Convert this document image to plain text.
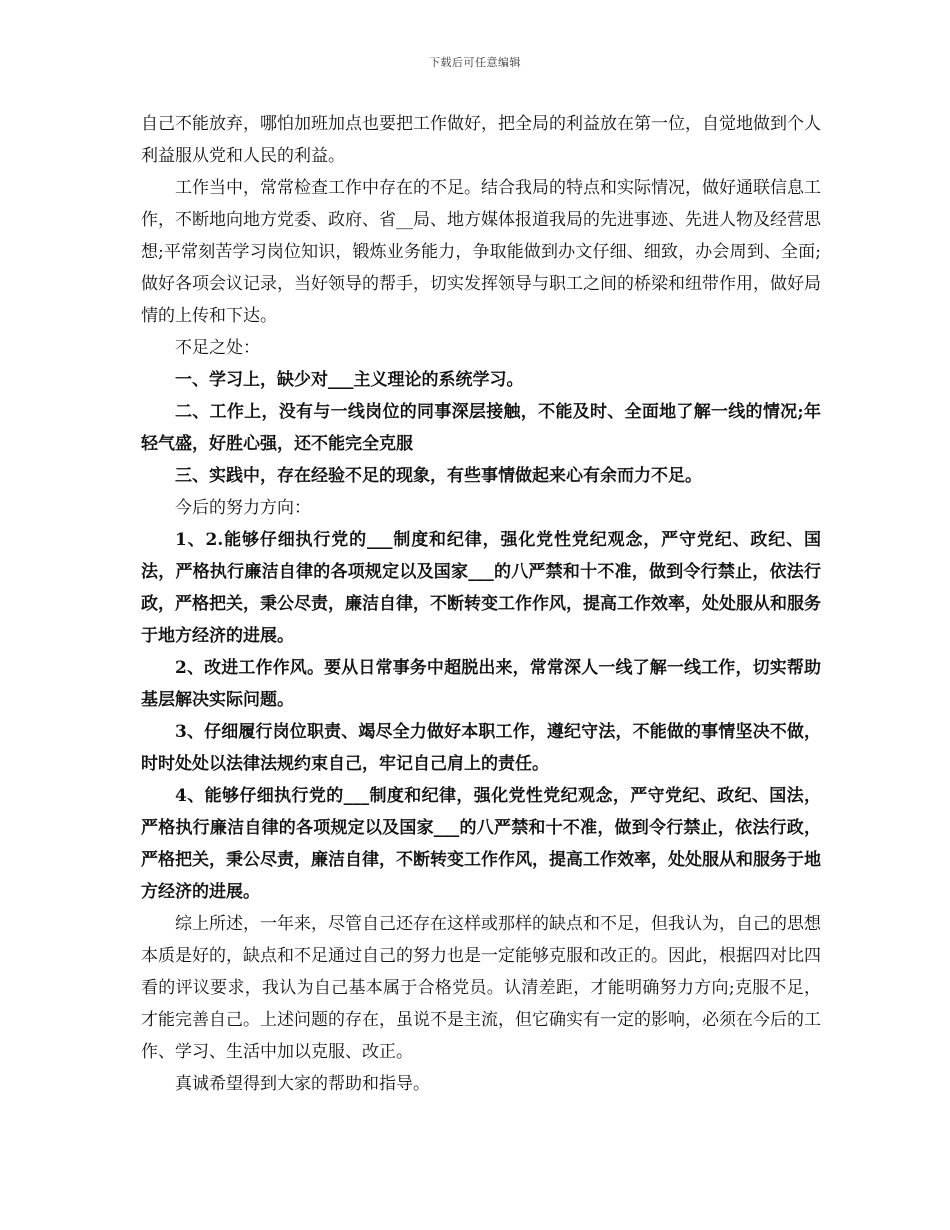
下载后可任意编辑

自己不能放弃，哪怕加班加点也要把工作做好，把全局的利益放在第一位，自觉地做到个人利益服从党和人民的利益。

工作当中，常常检查工作中存在的不足。结合我局的特点和实际情况，做好通联信息工作，不断地向地方党委、政府、省__局、地方媒体报道我局的先进事迹、先进人物及经营思想;平常刻苦学习岗位知识，锻炼业务能力，争取能做到办文仔细、细致，办会周到、全面;做好各项会议记录，当好领导的帮手，切实发挥领导与职工之间的桥梁和纽带作用，做好局情的上传和下达。

不足之处：

一、学习上，缺少对___主义理论的系统学习。

二、工作上，没有与一线岗位的同事深层接触，不能及时、全面地了解一线的情况;年轻气盛，好胜心强，还不能完全克服

三、实践中，存在经验不足的现象，有些事情做起来心有余而力不足。

今后的努力方向：

1、2.能够仔细执行党的___制度和纪律，强化党性党纪观念，严守党纪、政纪、国法，严格执行廉洁自律的各项规定以及国家___的八严禁和十不准，做到令行禁止，依法行政，严格把关，秉公尽责，廉洁自律，不断转变工作作风，提高工作效率，处处服从和服务于地方经济的进展。

2、改进工作作风。要从日常事务中超脱出来，常常深人一线了解一线工作，切实帮助基层解决实际问题。

3、仔细履行岗位职责、竭尽全力做好本职工作，遵纪守法，不能做的事情坚决不做，时时处处以法律法规约束自己，牢记自己肩上的责任。

4、能够仔细执行党的___制度和纪律，强化党性党纪观念，严守党纪、政纪、国法，严格执行廉洁自律的各项规定以及国家___的八严禁和十不准，做到令行禁止，依法行政，严格把关，秉公尽责，廉洁自律，不断转变工作作风，提高工作效率，处处服从和服务于地方经济的进展。

综上所述，一年来，尽管自己还存在这样或那样的缺点和不足，但我认为，自己的思想本质是好的，缺点和不足通过自己的努力也是一定能够克服和改正的。因此，根据四对比四看的评议要求，我认为自己基本属于合格党员。认清差距，才能明确努力方向;克服不足，才能完善自己。上述问题的存在，虽说不是主流，但它确实有一定的影响，必须在今后的工作、学习、生活中加以克服、改正。

真诚希望得到大家的帮助和指导。
